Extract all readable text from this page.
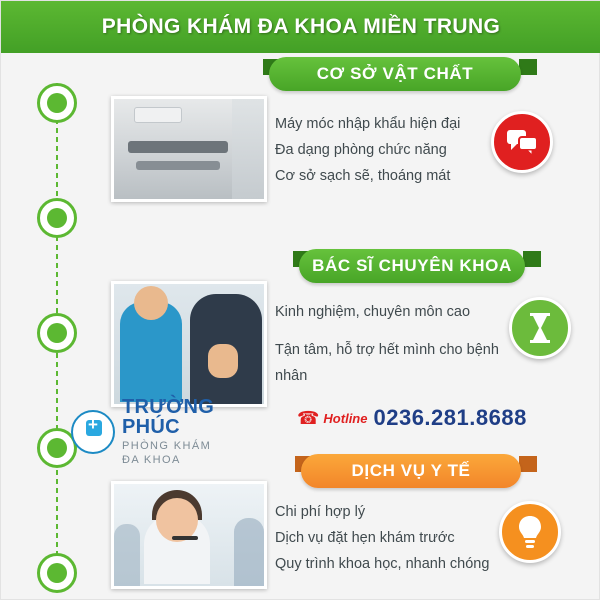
PHÒNG KHÁM ĐA KHOA MIỀN TRUNG
CƠ SỞ VẬT CHẤT
Máy móc nhập khẩu hiện đại
Đa dạng phòng chức năng
Cơ sở sạch sẽ, thoáng mát
BÁC SĨ CHUYÊN KHOA
Kinh nghiệm, chuyên môn cao
Tận tâm, hỗ trợ hết mình cho bệnh nhân
+
TRƯỜNG PHÚC
PHÒNG KHÁM ĐA KHOA
☎ Hotline 0236.281.8688
DỊCH VỤ Y TẾ
Chi phí hợp lý
Dịch vụ đặt hẹn khám trước
Quy trình khoa học, nhanh chóng
